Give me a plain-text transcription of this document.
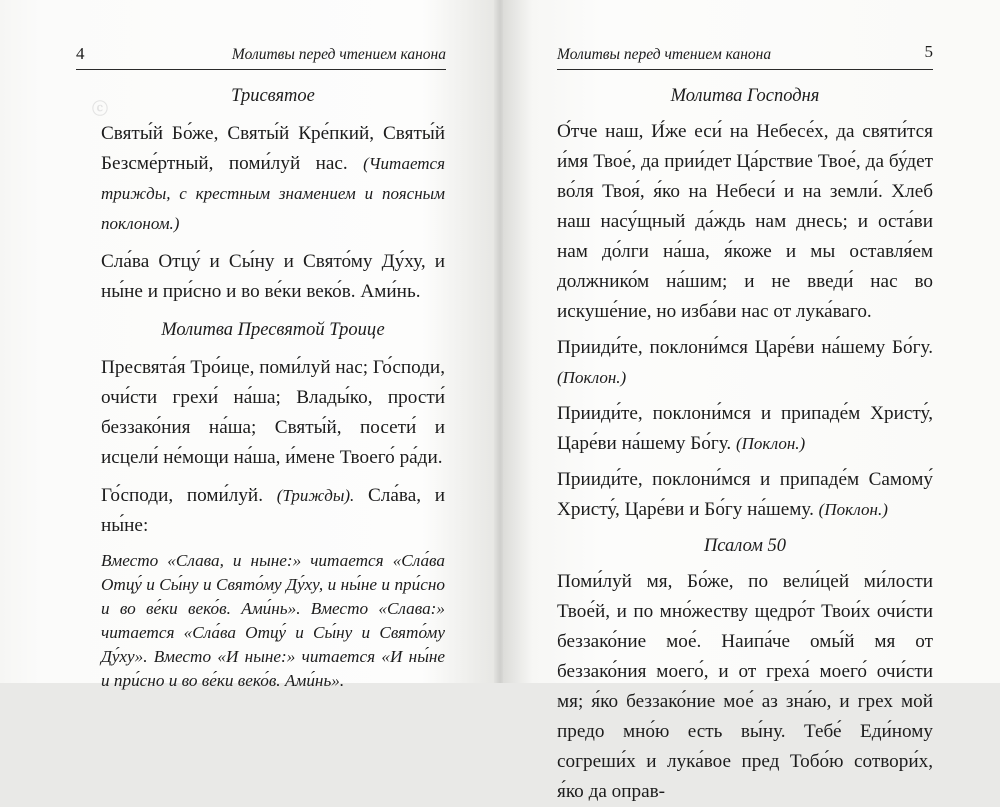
ⓒ
4	Молитвы перед чтением канона
Трисвятое

Святы́й Бо́же, Святы́й Кре́пкий, Святы́й Безсме́ртный, поми́луй нас. (Читается трижды, с крестным знамением и поясным поклоном.)

Сла́ва Отцу́ и Сы́ну и Свято́му Ду́ху, и ны́не и при́сно и во ве́ки веко́в. Ами́нь.

Молитва Пресвятой Троице

Пресвята́я Тро́ице, поми́луй нас; Го́споди, очи́сти грехи́ на́ша; Влады́ко, прости́ беззако́ния на́ша; Святы́й, посети́ и исцели́ не́мощи на́ша, и́мене Твоего́ ра́ди.

Го́споди, поми́луй. (Трижды). Сла́ва, и ны́не:

Вместо «Слава, и ныне:» читается «Сла́ва Отцу́ и Сы́ну и Свято́му Ду́ху, и ны́не и при́сно и во ве́ки веко́в. Ами́нь». Вместо «Слава:» читается «Сла́ва Отцу́ и Сы́ну и Свято́му Ду́ху». Вместо «И ныне:» читается «И ны́не и при́сно и во ве́ки веко́в. Ами́нь».

Молитвы перед чтением канона	5
Молитва Господня

О́тче наш, И́же еси́ на Небесе́х, да святи́тся и́мя Твое́, да прии́дет Ца́рствие Твое́, да бу́дет во́ля Твоя́, я́ко на Небеси́ и на земли́. Хлеб наш насу́щный да́ждь нам днесь; и оста́ви нам до́лги на́ша, я́коже и мы оставля́ем должнико́м на́шим; и не введи́ нас во искуше́ние, но изба́ви нас от лука́ваго.

Прииди́те, поклони́мся Царе́ви на́шему Бо́гу. (Поклон.)

Прииди́те, поклони́мся и припаде́м Христу́, Царе́ви на́шему Бо́гу. (Поклон.)

Прииди́те, поклони́мся и припаде́м Самому́ Христу́, Царе́ви и Бо́гу на́шему. (Поклон.)

Псалом 50

Поми́луй мя, Бо́же, по вели́цей ми́лости Твое́й, и по мно́жеству щедро́т Твои́х очи́сти беззако́ние мое́. Наипа́че омы́й мя от беззако́ния моего́, и от греха́ моего́ очи́сти мя; я́ко беззако́ние мое́ аз зна́ю, и грех мой предо мно́ю есть вы́ну. Тебе́ Еди́ному согреши́х и лука́вое пред Тобо́ю сотвори́х, я́ко да оправ-
